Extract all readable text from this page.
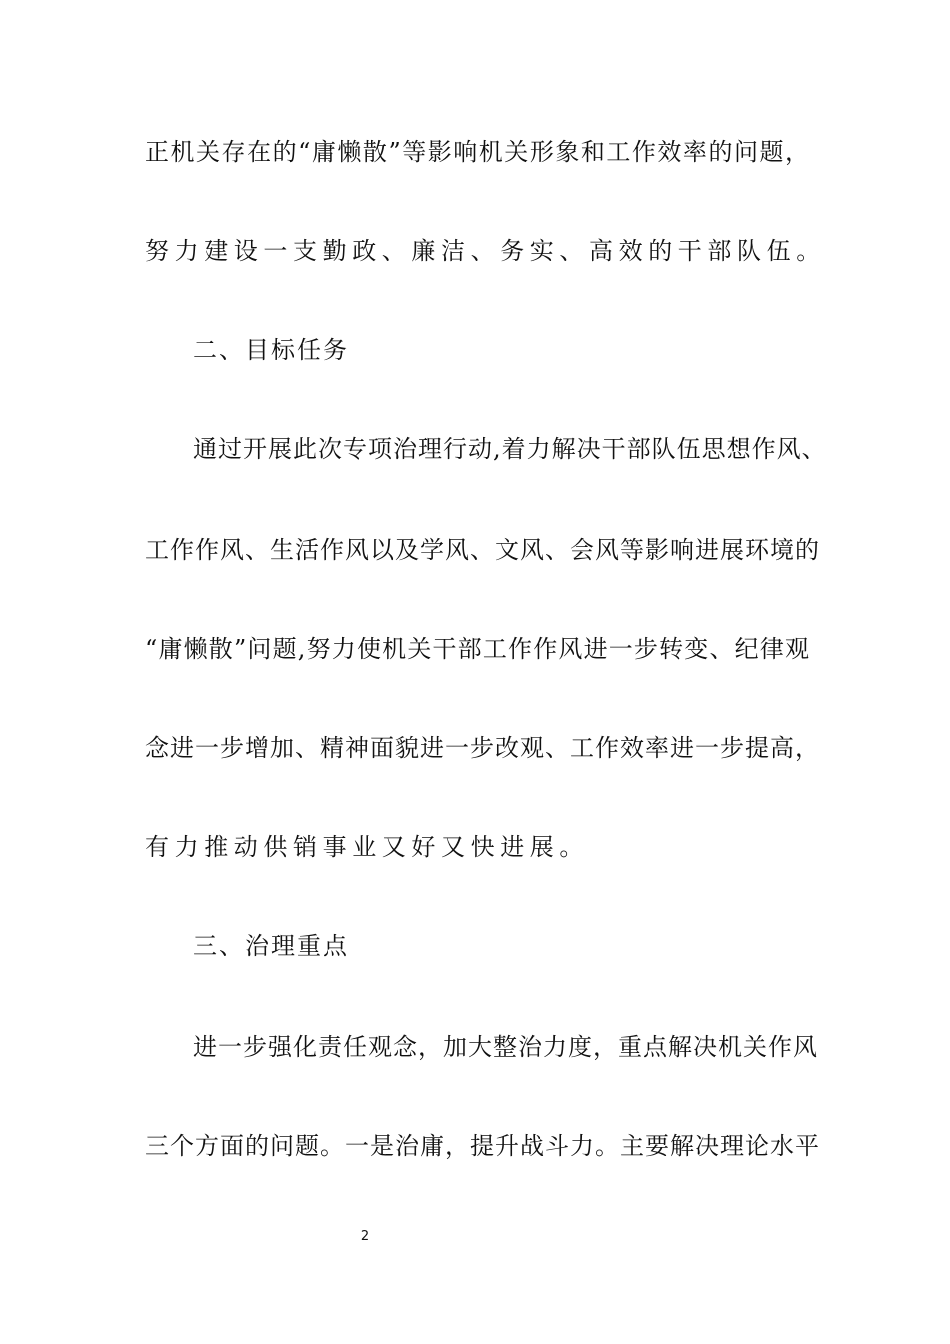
正机关存在的“庸懒散”等影响机关形象和工作效率的问题，
努力建设一支勤政、廉洁、务实、高效的干部队伍。
二、目标任务
通过开展此次专项治理行动,着力解决干部队伍思想作风、
工作作风、生活作风以及学风、文风、会风等影响进展环境的
“庸懒散”问题,努力使机关干部工作作风进一步转变、纪律观
念进一步增加、精神面貌进一步改观、工作效率进一步提高，
有力推动供销事业又好又快进展。
三、治理重点
进一步强化责任观念，加大整治力度，重点解决机关作风
三个方面的问题。一是治庸，提升战斗力。主要解决理论水平
2
